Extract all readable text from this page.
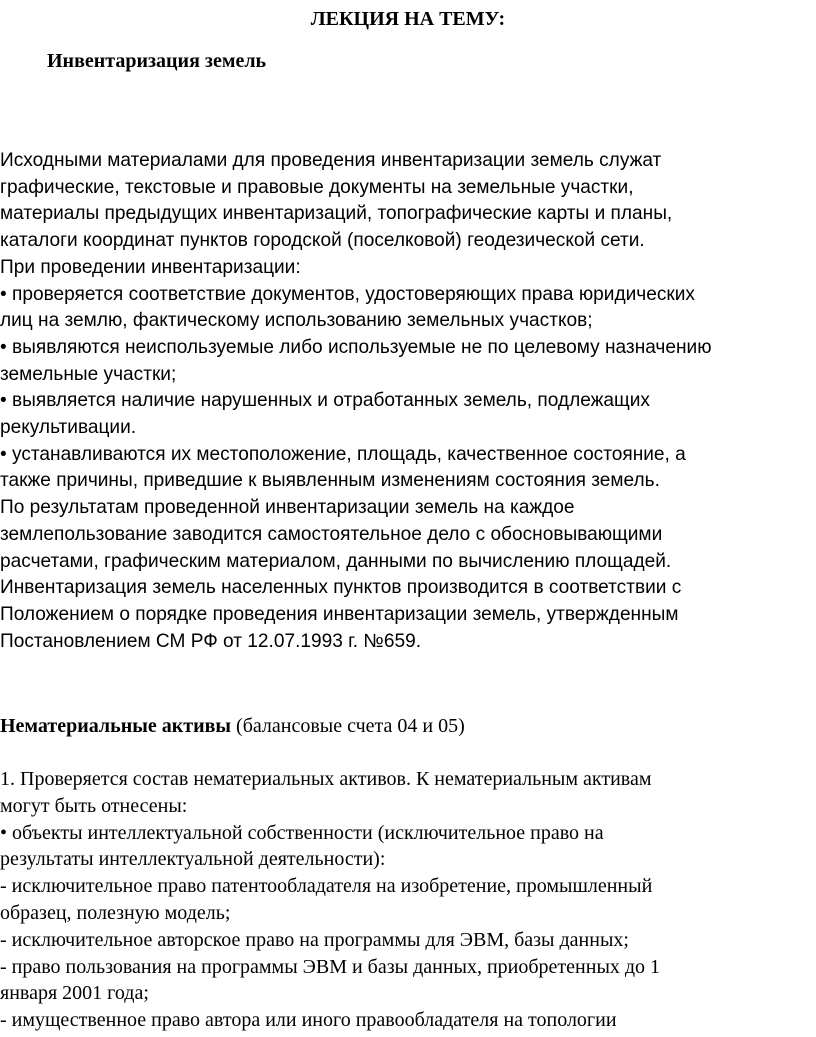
ЛЕКЦИЯ НА ТЕМУ:
Инвентаризация земель

Исходными материалами для проведения инвентаризации земель служат

графические, текстовые и правовые документы на земельные участки,

материалы предыдущих инвентаризаций, топографические карты и планы,

каталоги координат пунктов городской (поселковой) геодезической сети.

При проведении инвентаризации:

• проверяется соответствие документов, удостоверяющих права юридических

лиц на землю, фактическому использованию земельных участков;

• выявляются неиспользуемые либо используемые не по целевому назначению

земельные участки;

• выявляется наличие нарушенных и отработанных земель, подлежащих

рекультивации.

• устанавливаются их местоположение, площадь, качественное состояние, а

также причины, приведшие к выявленным изменениям состояния земель.

По результатам проведенной инвентаризации земель на каждое

землепользование заводится самостоятельное дело с обосновывающими

расчетами, графическим материалом, данными по вычислению площадей.

Инвентаризация земель населенных пунктов производится в соответствии с

Положением о порядке проведения инвентаризации земель, утвержденным

Постановлением СМ РФ от 12.07.1993 г. №659.

Нематериальные активы (балансовые счета 04 и 05)

1. Проверяется состав нематериальных активов. К нематериальным активам

могут быть отнесены:

• объекты интеллектуальной собственности (исключительное право на

результаты интеллектуальной деятельности):

- исключительное право патентообладателя на изобретение, промышленный

образец, полезную модель;

- исключительное авторское право на программы для ЭВМ, базы данных;

- право пользования на программы ЭВМ и базы данных, приобретенных до 1

января 2001 года;

- имущественное право автора или иного правообладателя на топологии
